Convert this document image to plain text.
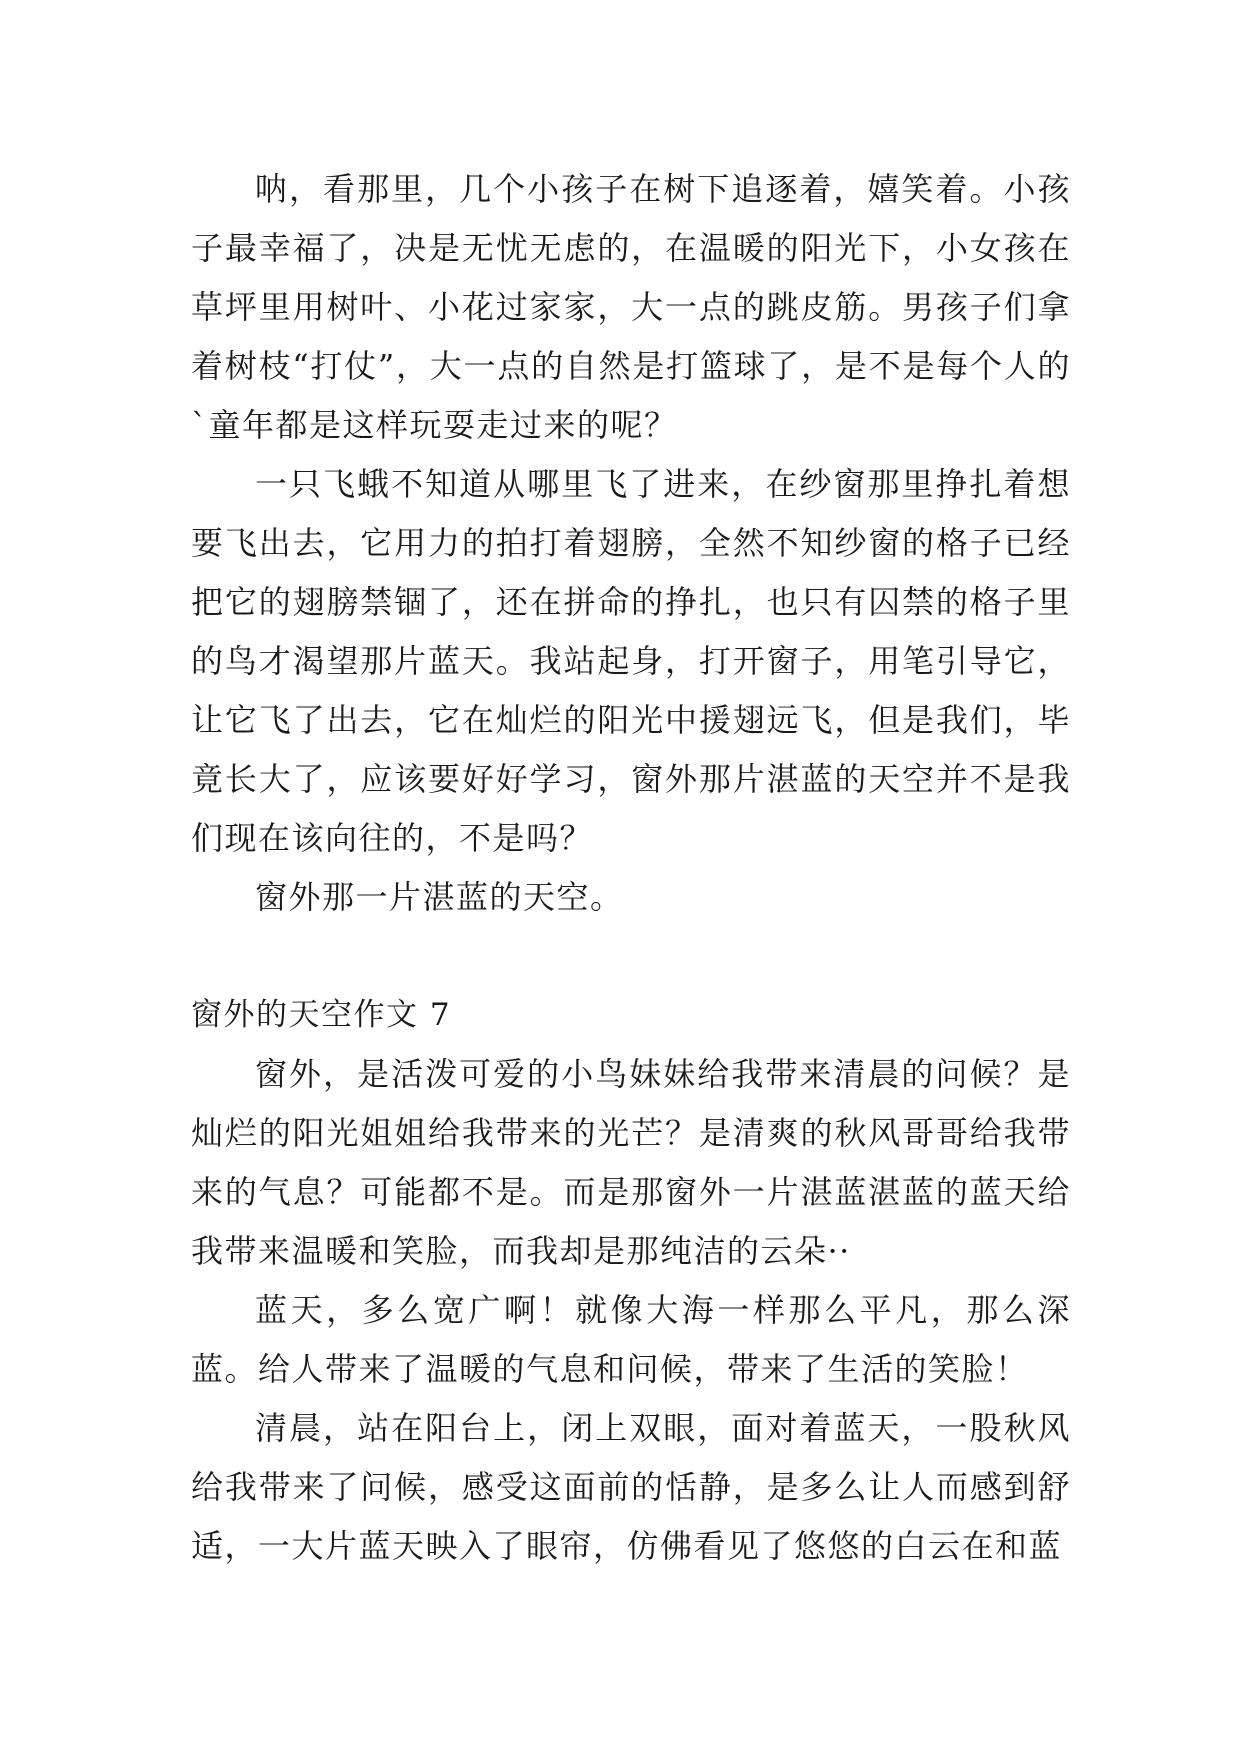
呐，看那里，几个小孩子在树下追逐着，嬉笑着。小孩子最幸福了，决是无忧无虑的，在温暖的阳光下，小女孩在草坪里用树叶、小花过家家，大一点的跳皮筋。男孩子们拿着树枝“打仗”，大一点的自然是打篮球了，是不是每个人的`童年都是这样玩耍走过来的呢？

一只飞蛾不知道从哪里飞了进来，在纱窗那里挣扎着想要飞出去，它用力的拍打着翅膀，全然不知纱窗的格子已经把它的翅膀禁锢了，还在拼命的挣扎，也只有囚禁的格子里的鸟才渴望那片蓝天。我站起身，打开窗子，用笔引导它，让它飞了出去，它在灿烂的阳光中援翅远飞，但是我们，毕竟长大了，应该要好好学习，窗外那片湛蓝的天空并不是我们现在该向往的，不是吗？

窗外那一片湛蓝的天空。

窗外的天空作文 7

窗外，是活泼可爱的小鸟妹妹给我带来清晨的问候？是灿烂的阳光姐姐给我带来的光芒？是清爽的秋风哥哥给我带来的气息？可能都不是。而是那窗外一片湛蓝湛蓝的蓝天给我带来温暖和笑脸，而我却是那纯洁的云朵··

蓝天，多么宽广啊！就像大海一样那么平凡，那么深蓝。给人带来了温暖的气息和问候，带来了生活的笑脸！

清晨，站在阳台上，闭上双眼，面对着蓝天，一股秋风给我带来了问候，感受这面前的恬静，是多么让人而感到舒适，一大片蓝天映入了眼帘，仿佛看见了悠悠的白云在和蓝
